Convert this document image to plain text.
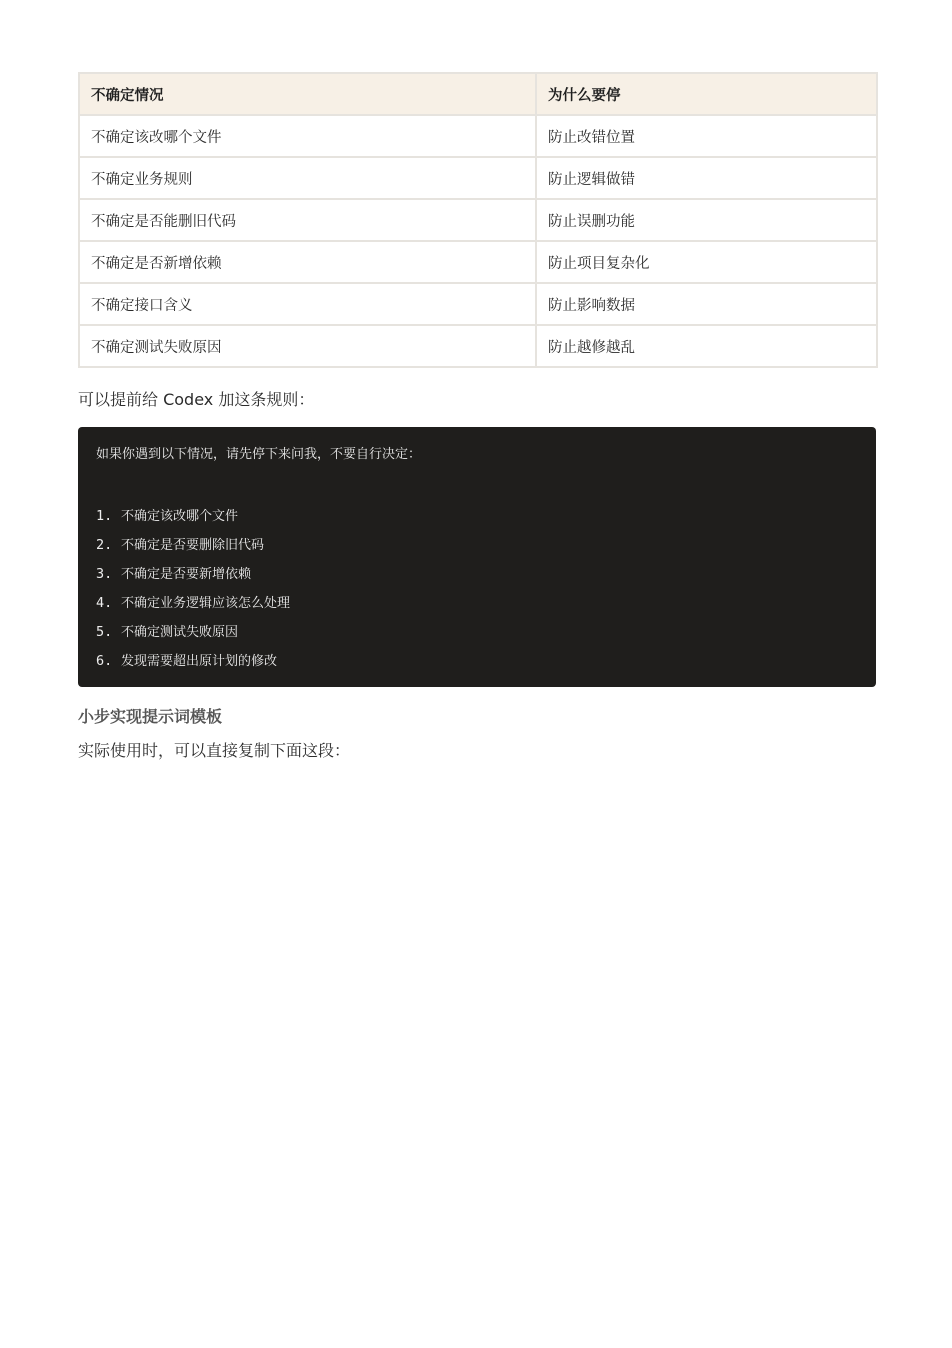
不确定情况	为什么要停
不确定该改哪个文件	防止改错位置
不确定业务规则	防止逻辑做错
不确定是否能删旧代码	防止误删功能
不确定是否新增依赖	防止项目复杂化
不确定接口含义	防止影响数据
不确定测试失败原因	防止越修越乱

可以提前给 Codex 加这条规则：

如果你遇到以下情况，请先停下来问我，不要自行决定：

1. 不确定该改哪个文件
2. 不确定是否要删除旧代码
3. 不确定是否要新增依赖
4. 不确定业务逻辑应该怎么处理
5. 不确定测试失败原因
6. 发现需要超出原计划的修改
小步实现提示词模板

实际使用时，可以直接复制下面这段：
